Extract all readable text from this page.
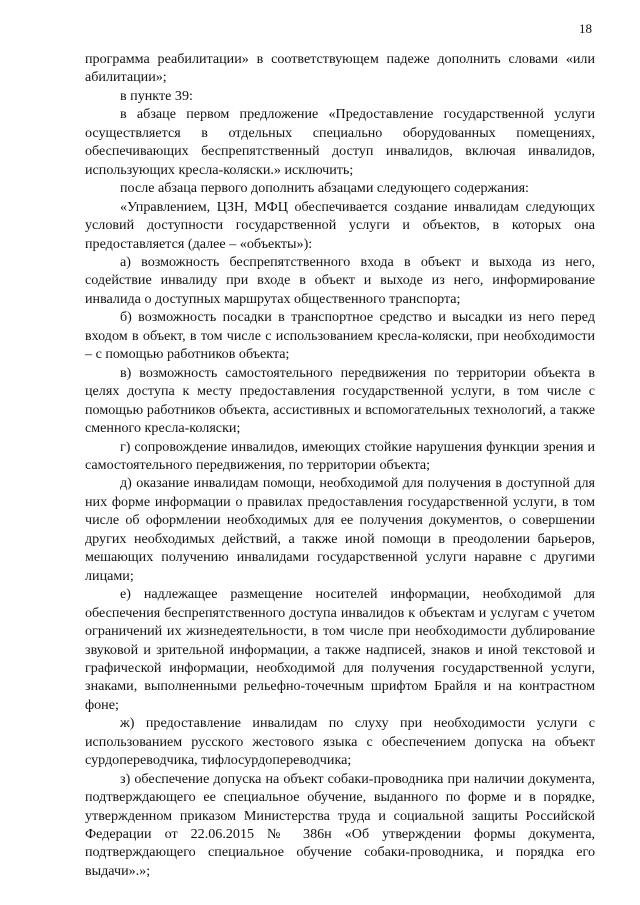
18

программа реабилитации» в соответствующем падеже дополнить словами «или абилитации»;

в пункте 39:

в абзаце первом предложение «Предоставление государственной услуги осуществляется в отдельных специально оборудованных помещениях, обеспечивающих беспрепятственный доступ инвалидов, включая инвалидов, использующих кресла-коляски.» исключить;

после абзаца первого дополнить абзацами следующего содержания:

«Управлением, ЦЗН, МФЦ обеспечивается создание инвалидам следующих условий доступности государственной услуги и объектов, в которых она предоставляется (далее – «объекты»):

а) возможность беспрепятственного входа в объект и выхода из него, содействие инвалиду при входе в объект и выходе из него, информирование инвалида о доступных маршрутах общественного транспорта;

б) возможность посадки в транспортное средство и высадки из него перед входом в объект, в том числе с использованием кресла-коляски, при необходимости – с помощью работников объекта;

в) возможность самостоятельного передвижения по территории объекта в целях доступа к месту предоставления государственной услуги, в том числе с помощью работников объекта, ассистивных и вспомогательных технологий, а также сменного кресла-коляски;

г) сопровождение инвалидов, имеющих стойкие нарушения функции зрения и самостоятельного передвижения, по территории объекта;

д) оказание инвалидам помощи, необходимой для получения в доступной для них форме информации о правилах предоставления государственной услуги, в том числе об оформлении необходимых для ее получения документов, о совершении других необходимых действий, а также иной помощи в преодолении барьеров, мешающих получению инвалидами государственной услуги наравне с другими лицами;

е) надлежащее размещение носителей информации, необходимой для обеспечения беспрепятственного доступа инвалидов к объектам и услугам с учетом ограничений их жизнедеятельности, в том числе при необходимости дублирование звуковой и зрительной информации, а также надписей, знаков и иной текстовой и графической информации, необходимой для получения государственной услуги, знаками, выполненными рельефно-точечным шрифтом Брайля и на контрастном фоне;

ж) предоставление инвалидам по слуху при необходимости услуги с использованием русского жестового языка с обеспечением допуска на объект сурдопереводчика, тифлосурдопереводчика;

з) обеспечение допуска на объект собаки-проводника при наличии документа, подтверждающего ее специальное обучение, выданного по форме и в порядке, утвержденном приказом Министерства труда и социальной защиты Российской Федерации от 22.06.2015 № 386н «Об утверждении формы документа, подтверждающего специальное обучение собаки-проводника, и порядка его выдачи».»;
